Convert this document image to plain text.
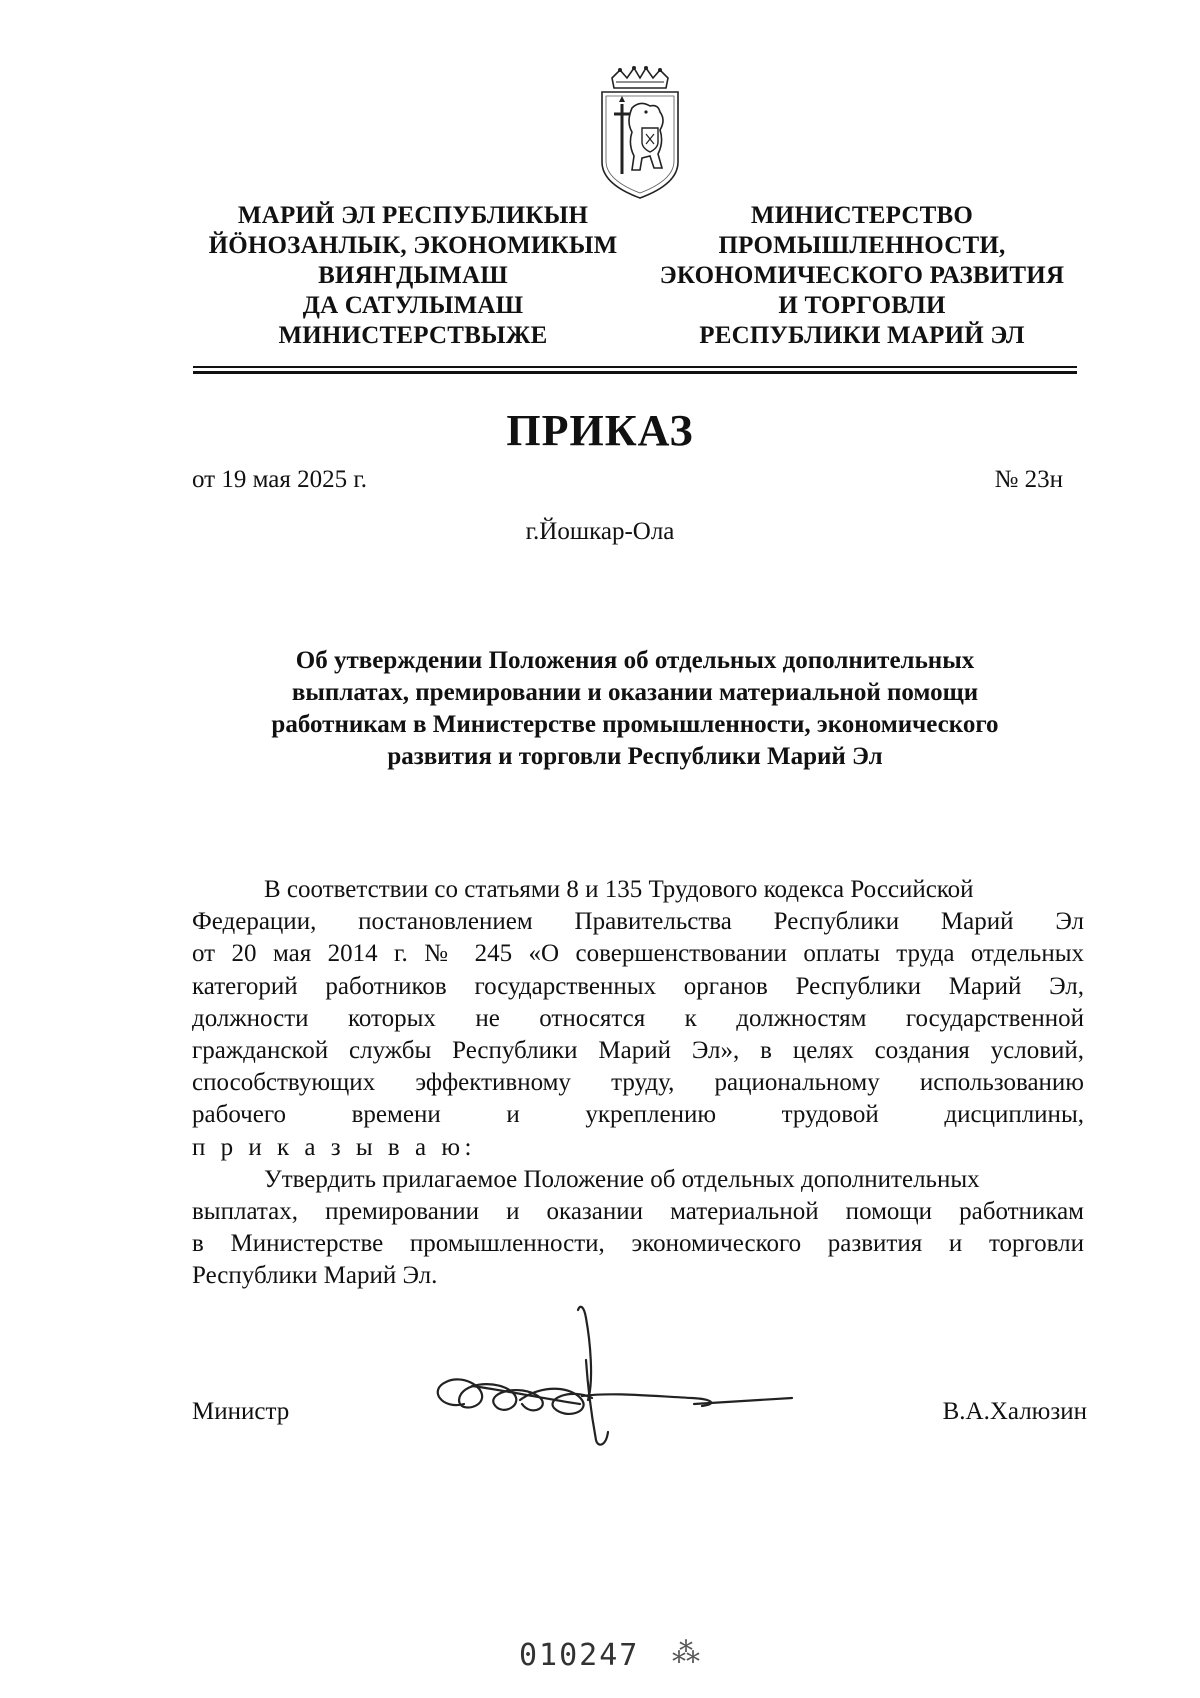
МАРИЙ ЭЛ РЕСПУБЛИКЫН
ЙӦНОЗАНЛЫК, ЭКОНОМИКЫМ
ВИЯҤДЫМАШ
ДА САТУЛЫМАШ
МИНИСТЕРСТВЫЖЕ
МИНИСТЕРСТВО
ПРОМЫШЛЕННОСТИ,
ЭКОНОМИЧЕСКОГО РАЗВИТИЯ
И ТОРГОВЛИ
РЕСПУБЛИКИ МАРИЙ ЭЛ
ПРИКАЗ
от 19 мая 2025 г.	№ 23н
г.Йошкар-Ола
Об утверждении Положения об отдельных дополнительных
выплатах, премировании и оказании материальной помощи
работникам в Министерстве промышленности, экономического
развития и торговли Республики Марий Эл
В соответствии со статьями 8 и 135 Трудового кодекса Российской
Федерации, постановлением Правительства Республики Марий Эл
от 20 мая 2014 г. № 245 «О совершенствовании оплаты труда отдельных
категорий работников государственных органов Республики Марий Эл,
должности которых не относятся к должностям государственной
гражданской службы Республики Марий Эл», в целях создания условий,
способствующих эффективному труду, рациональному использованию
рабочего времени и укреплению трудовой дисциплины,
п р и к а з ы в а ю:
Утвердить прилагаемое Положение об отдельных дополнительных
выплатах, премировании и оказании материальной помощи работникам
в Министерстве промышленности, экономического развития и торговли
Республики Марий Эл.
Министр	В.А.Халюзин
010247 ⁂
